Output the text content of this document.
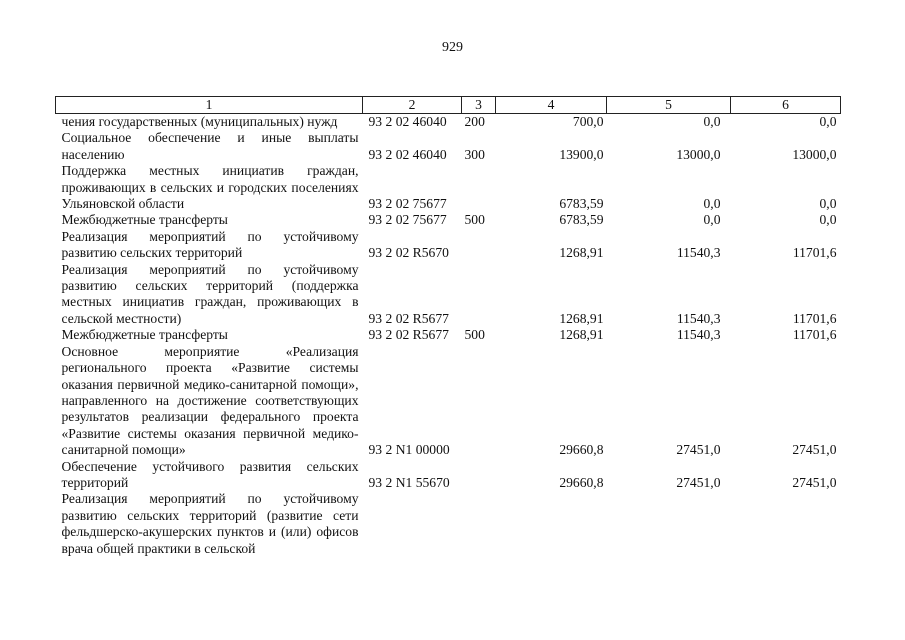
929
1	2	3	4	5	6
чения государственных (муниципальных) нужд	93 2 02 46040	200	700,0	0,0	0,0
Социальное обеспечение и иные выплаты населению	93 2 02 46040	300	13900,0	13000,0	13000,0
Поддержка местных инициатив граждан, проживающих в сельских и городских поселениях Ульяновской области	93 2 02 75677		6783,59	0,0	0,0
Межбюджетные трансферты	93 2 02 75677	500	6783,59	0,0	0,0
Реализация мероприятий по устойчивому развитию сельских территорий	93 2 02 R5670		1268,91	11540,3	11701,6
Реализация мероприятий по устойчивому развитию сельских территорий (поддержка местных инициатив граждан, проживающих в сельской местности)	93 2 02 R5677		1268,91	11540,3	11701,6
Межбюджетные трансферты	93 2 02 R5677	500	1268,91	11540,3	11701,6
Основное мероприятие «Реализация регионального проекта «Развитие системы оказания первичной медико-санитарной помощи», направленного на достижение соответствующих результатов реализации федерального проекта «Развитие системы оказания первичной медико-санитарной помощи»	93 2 N1 00000		29660,8	27451,0	27451,0
Обеспечение устойчивого развития сельских территорий	93 2 N1 55670		29660,8	27451,0	27451,0
Реализация мероприятий по устойчивому развитию сельских территорий (развитие сети фельдшерско-акушерских пунктов и (или) офисов врача общей практики в сельской					
